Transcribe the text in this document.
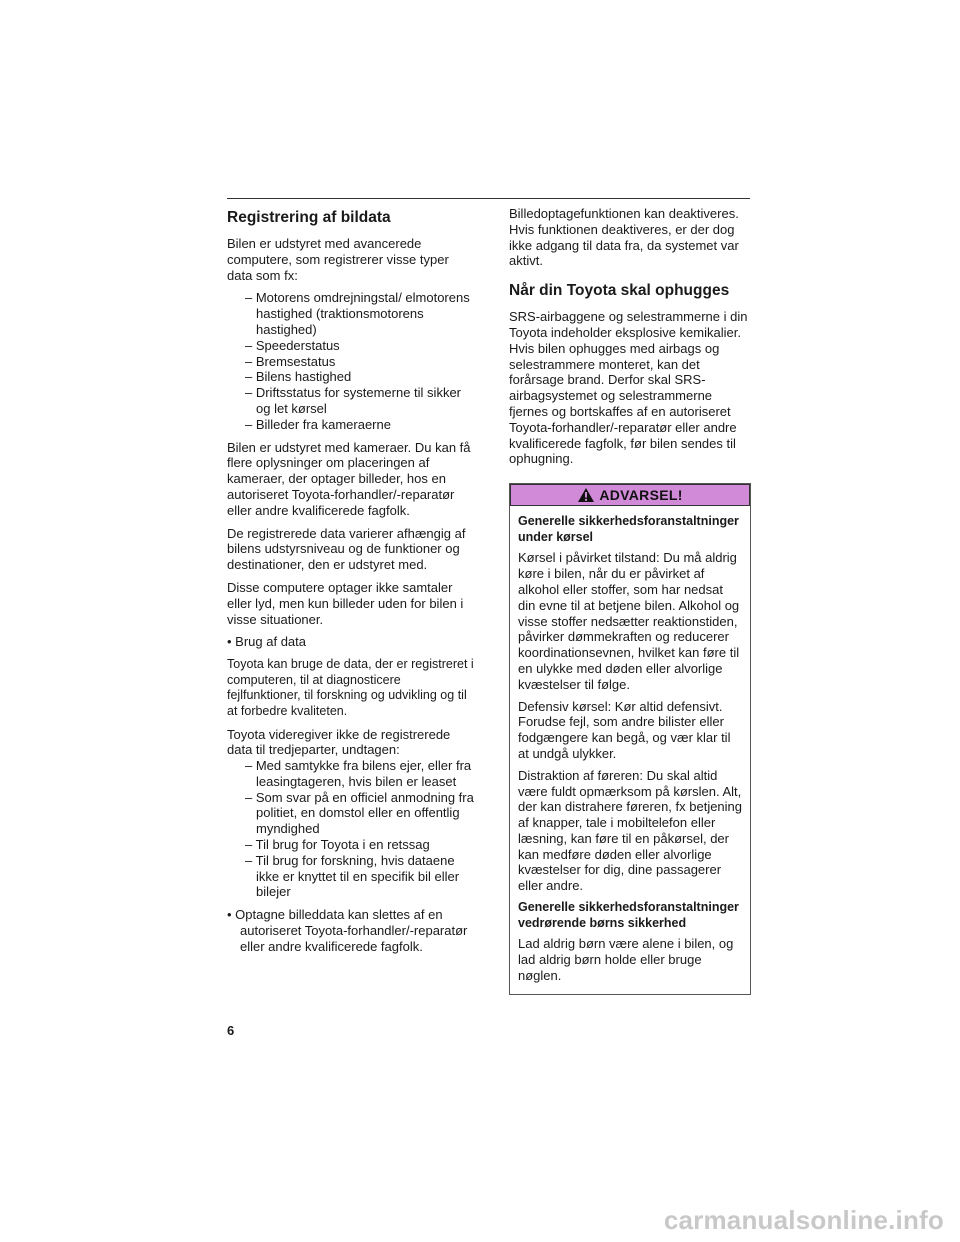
Registrering af bildata

Bilen er udstyret med avancerede computere, som registrerer visse typer data som fx:

– Motorens omdrejningstal/ elmotorens hastighed (traktionsmotorens hastighed)

– Speederstatus

– Bremsestatus

– Bilens hastighed

– Driftsstatus for systemerne til sikker og let kørsel

– Billeder fra kameraerne

Bilen er udstyret med kameraer. Du kan få flere oplysninger om placeringen af kameraer, der optager billeder, hos en autoriseret Toyota-forhandler/-reparatør eller andre kvalificerede fagfolk.

De registrerede data varierer afhængig af bilens udstyrsniveau og de funktioner og destinationer, den er udstyret med.

Disse computere optager ikke samtaler eller lyd, men kun billeder uden for bilen i visse situationer.

• Brug af data

Toyota kan bruge de data, der er registreret i computeren, til at diagnosticere fejlfunktioner, til forskning og udvikling og til at forbedre kvaliteten.

Toyota videregiver ikke de registrerede data til tredjeparter, undtagen:

– Med samtykke fra bilens ejer, eller fra leasingtageren, hvis bilen er leaset

– Som svar på en officiel anmodning fra politiet, en domstol eller en offentlig myndighed

– Til brug for Toyota i en retssag

– Til brug for forskning, hvis dataene ikke er knyttet til en specifik bil eller bilejer

• Optagne billeddata kan slettes af en autoriseret Toyota-forhandler/-reparatør eller andre kvalificerede fagfolk.

Billedoptagefunktionen kan deaktiveres. Hvis funktionen deaktiveres, er der dog ikke adgang til data fra, da systemet var aktivt.

Når din Toyota skal ophugges

SRS-airbaggene og selestrammerne i din Toyota indeholder eksplosive kemikalier. Hvis bilen ophugges med airbags og selestrammere monteret, kan det forårsage brand. Derfor skal SRS-airbagsystemet og selestrammerne fjernes og bortskaffes af en autoriseret Toyota-forhandler/-reparatør eller andre kvalificerede fagfolk, før bilen sendes til ophugning.

ADVARSEL!

Generelle sikkerhedsforanstaltninger under kørsel

Kørsel i påvirket tilstand: Du må aldrig køre i bilen, når du er påvirket af alkohol eller stoffer, som har nedsat din evne til at betjene bilen. Alkohol og visse stoffer nedsætter reaktionstiden, påvirker dømmekraften og reducerer koordinationsevnen, hvilket kan føre til en ulykke med døden eller alvorlige kvæstelser til følge.

Defensiv kørsel: Kør altid defensivt. Forudse fejl, som andre bilister eller fodgængere kan begå, og vær klar til at undgå ulykker.

Distraktion af føreren: Du skal altid være fuldt opmærksom på kørslen. Alt, der kan distrahere føreren, fx betjening af knapper, tale i mobiltelefon eller læsning, kan føre til en påkørsel, der kan medføre døden eller alvorlige kvæstelser for dig, dine passagerer eller andre.

Generelle sikkerhedsforanstaltninger vedrørende børns sikkerhed

Lad aldrig børn være alene i bilen, og lad aldrig børn holde eller bruge nøglen.

6
carmanualsonline.info
